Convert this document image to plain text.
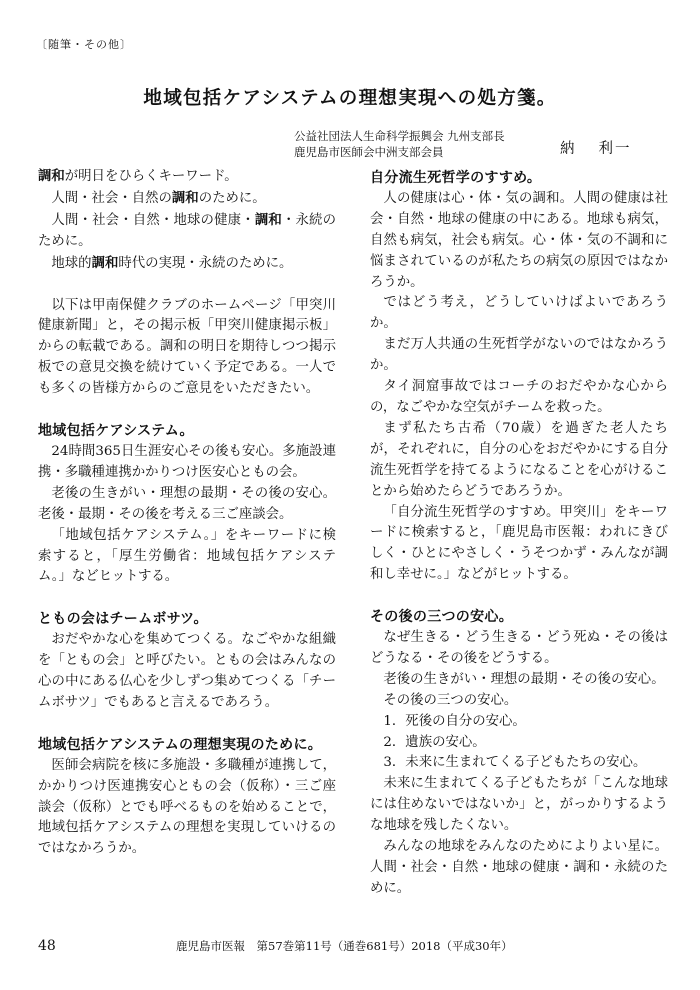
〔随筆・その他〕
地域包括ケアシステムの理想実現への処方箋。
公益社団法人生命科学振興会 九州支部長
鹿児島市医師会中洲支部会員	納 利一

調和が明日をひらくキーワード。

人間・社会・自然の調和のために。

人間・社会・自然・地球の健康・調和・永続のために。

地球的調和時代の実現・永続のために。

以下は甲南保健クラブのホームページ「甲突川健康新聞」と，その掲示板「甲突川健康掲示板」からの転載である。調和の明日を期待しつつ掲示板での意見交換を続けていく予定である。一人でも多くの皆様方からのご意見をいただきたい。

地域包括ケアシステム。

24時間365日生涯安心その後も安心。多施設連携・多職種連携かかりつけ医安心ともの会。

老後の生きがい・理想の最期・その後の安心。老後・最期・その後を考える三ご座談会。

「地域包括ケアシステム。」をキーワードに検索すると，「厚生労働省：地域包括ケアシステム。」などヒットする。

ともの会はチームボサツ。

おだやかな心を集めてつくる。なごやかな組織を「ともの会」と呼びたい。ともの会はみんなの心の中にある仏心を少しずつ集めてつくる「チームボサツ」でもあると言えるであろう。

地域包括ケアシステムの理想実現のために。

医師会病院を核に多施設・多職種が連携して，かかりつけ医連携安心ともの会（仮称）・三ご座談会（仮称）とでも呼べるものを始めることで，地域包括ケアシステムの理想を実現していけるのではなかろうか。

自分流生死哲学のすすめ。

人の健康は心・体・気の調和。人間の健康は社会・自然・地球の健康の中にある。地球も病気，自然も病気，社会も病気。心・体・気の不調和に悩まされているのが私たちの病気の原因ではなかろうか。

ではどう考え，どうしていけばよいであろうか。

まだ万人共通の生死哲学がないのではなかろうか。

タイ洞窟事故ではコーチのおだやかな心からの，なごやかな空気がチームを救った。

まず私たち古希（70歳）を過ぎた老人たちが，それぞれに，自分の心をおだやかにする自分流生死哲学を持てるようになることを心がけることから始めたらどうであろうか。

「自分流生死哲学のすすめ。甲突川」をキーワードに検索すると，「鹿児島市医報：われにきびしく・ひとにやさしく・うそつかず・みんなが調和し幸せに。」などがヒットする。

その後の三つの安心。

なぜ生きる・どう生きる・どう死ぬ・その後はどうなる・その後をどうする。

老後の生きがい・理想の最期・その後の安心。

その後の三つの安心。

1．死後の自分の安心。

2．遺族の安心。

3．未来に生まれてくる子どもたちの安心。

未来に生まれてくる子どもたちが「こんな地球には住めないではないか」と，がっかりするような地球を残したくない。

みんなの地球をみんなのためによりよい星に。人間・社会・自然・地球の健康・調和・永続のために。

48	鹿児島市医報　第57巻第11号（通巻681号）2018（平成30年）
